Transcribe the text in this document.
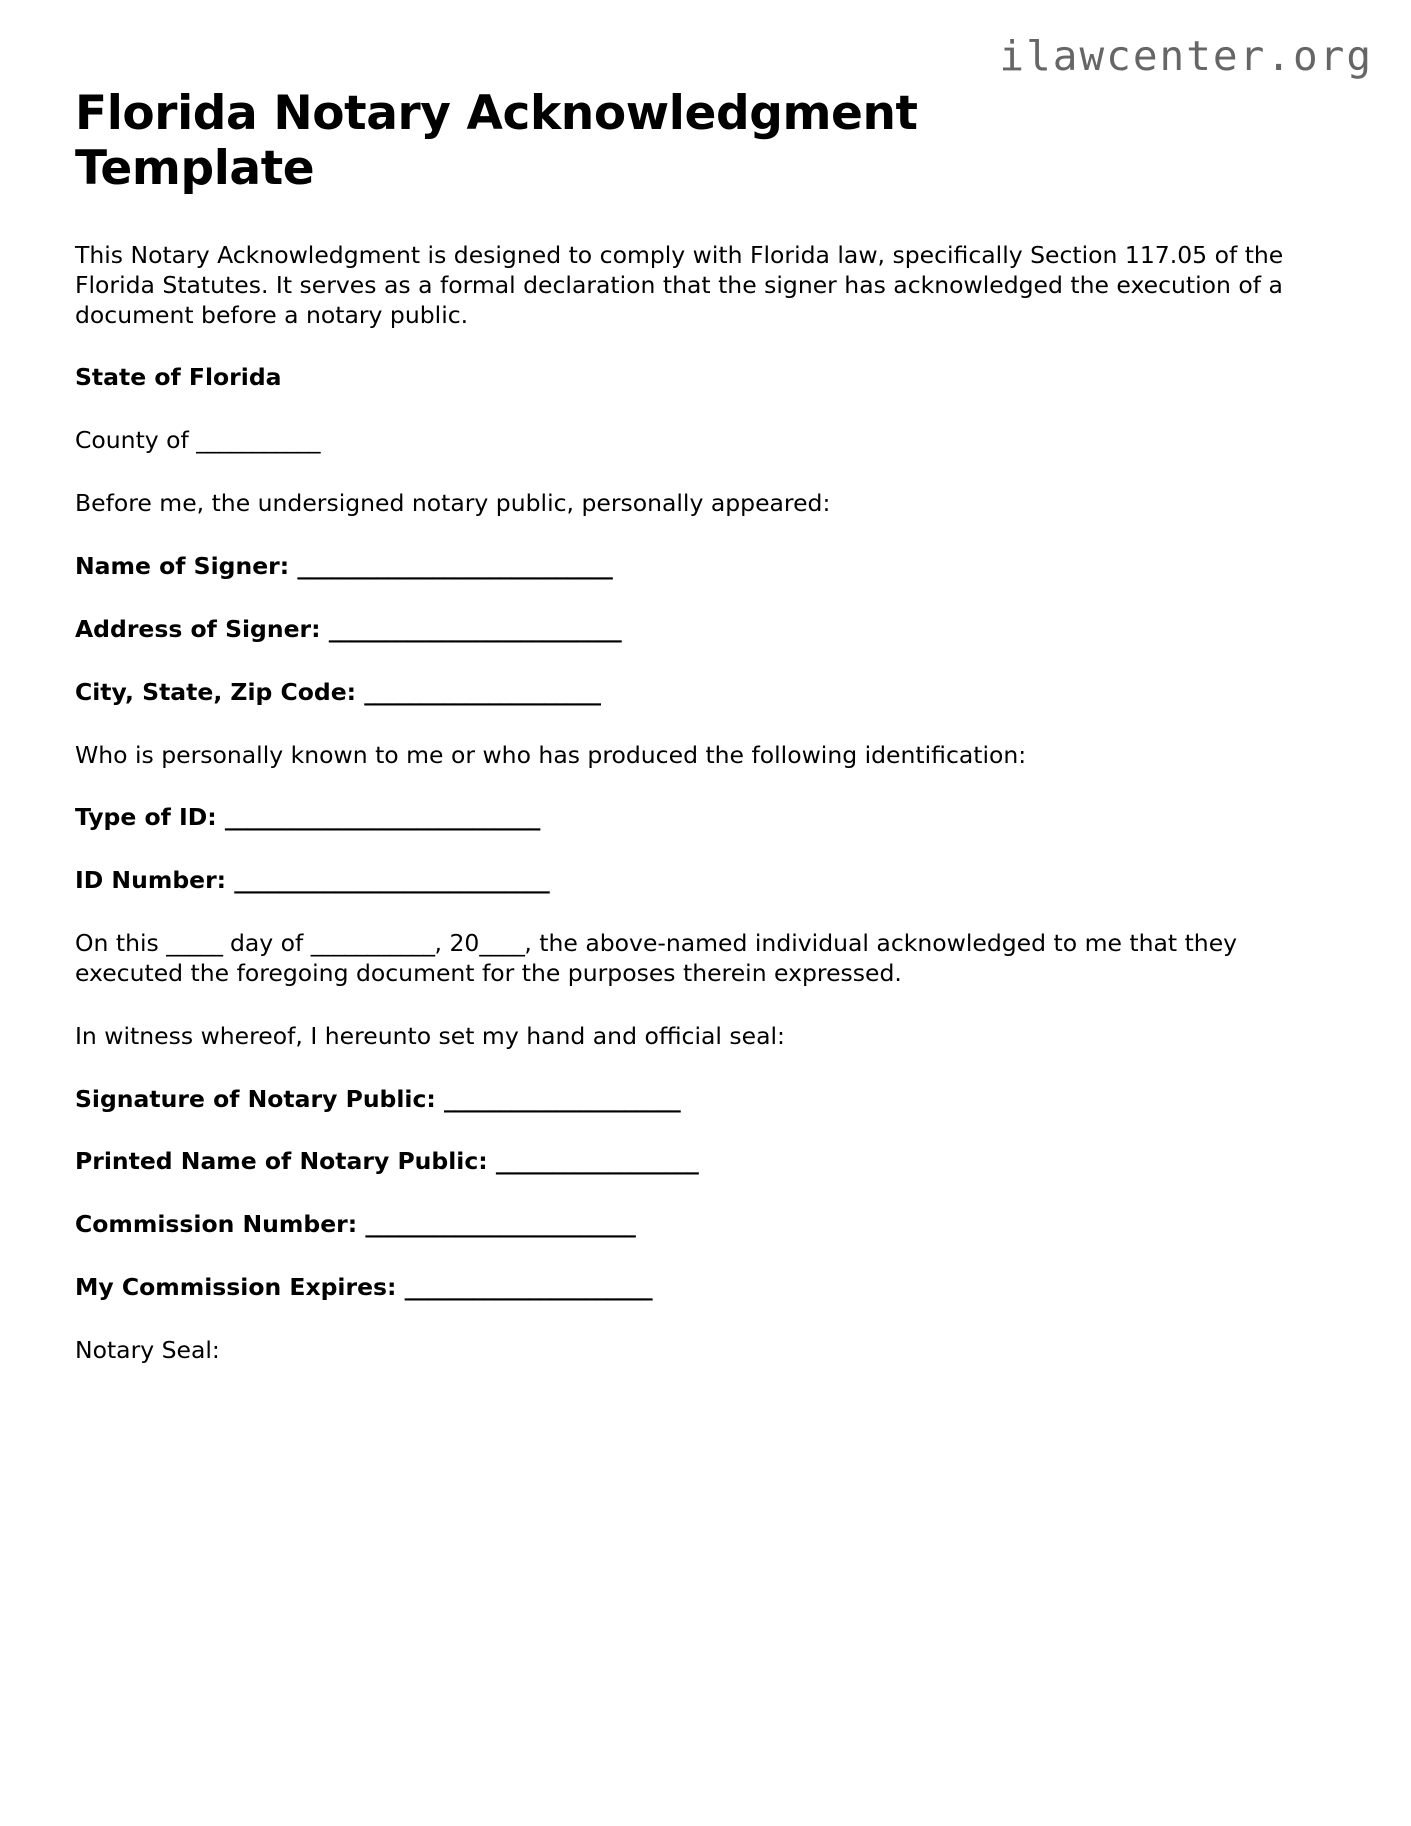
ilawcenter.org
Florida Notary Acknowledgment Template

This Notary Acknowledgment is designed to comply with Florida law, specifically Section 117.05 of the Florida Statutes. It serves as a formal declaration that the signer has acknowledged the execution of a document before a notary public.

State of Florida

County of ___________

Before me, the undersigned notary public, personally appeared:

Name of Signer: ____________________________

Address of Signer: __________________________

City, State, Zip Code: _____________________

Who is personally known to me or who has produced the following identification:

Type of ID: ____________________________

ID Number: ____________________________

On this _____ day of ___________, 20____, the above-named individual acknowledged to me that they executed the foregoing document for the purposes therein expressed.

In witness whereof, I hereunto set my hand and official seal:

Signature of Notary Public: _____________________

Printed Name of Notary Public: __________________

Commission Number: ________________________

My Commission Expires: ______________________

Notary Seal:
